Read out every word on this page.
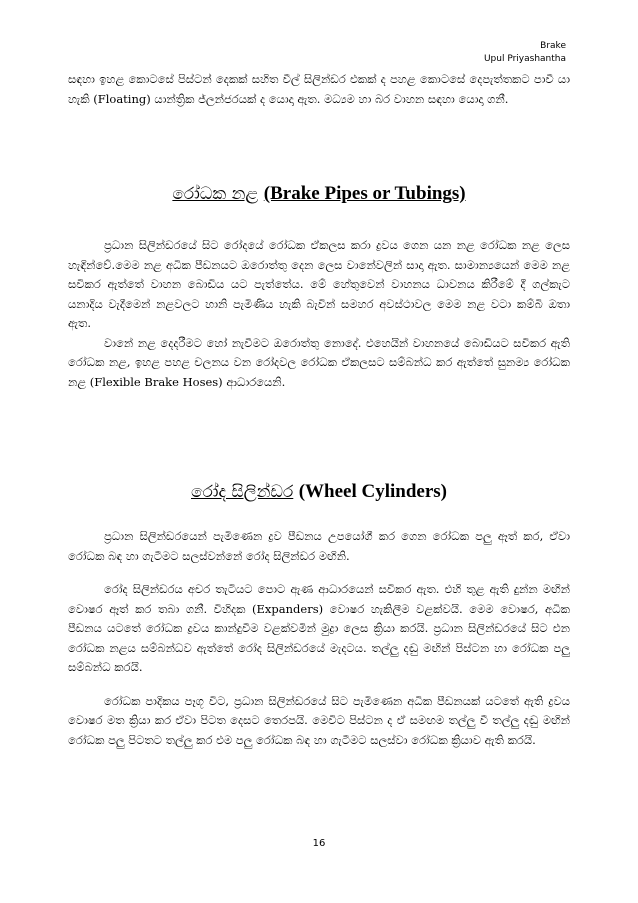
Brake
Upul Priyashantha

සඳහා ඉහළ කොටසේ පිස්ටන් දෙකක් සහිත වීල් සිලින්ඩර එකක් ද පහළ කොටසේ දෙපැත්තකට පාවී යා හැකි (Floating) යාන්ත්‍රික ජ්ලන්ජරයක් ද යොදා ඇත. මධ්‍යම හා බර වාහන සඳහා යොදා ගනී.

රෝධක නළ (Brake Pipes or Tubings)

ප්‍රධාන සිලින්ඩරයේ සිට රෝදයේ රෝධක ඒකලස කරා ද්‍රවය ගෙන යන නළ රෝධක නළ ලෙස හැඳින්වේ.මෙම නළ අධික පීඩනයට ඔරොත්තු දෙන ලෙස වානේවලින් සාදා ඇත. සාමාන්‍යයෙන් මෙම නළ සවිකර ඇත්තේ වාහන බොඩිය යට පැත්තේය. මේ හේතුවෙන් වාහනය ධාවනය කිරීමේ දී ගල්කැට යනාදිය වැදීමෙන් නළවලට හානි පැමිණිය හැකි බැවින් සමහර අවස්ථාවල මෙම නළ වටා කම්බි ඔතා ඇත.

වානේ නළ දෙදරීමට හෝ නැවීමට ඔරොත්තු නොදේ. එහෙයින් වාහනයේ බොඩියට සවිකර ඇති රෝධක නළ, ඉහළ පහළ චලනය වන රෝදවල රෝධක ඒකලසට සම්බන්ධ කර ඇත්තේ සුනම්‍ය රෝධක නළ (Flexible Brake Hoses) ආධාරයෙනි.

රෝද සිලින්ඩර (Wheel Cylinders)

ප්‍රධාන සිලින්ඩරයෙන් පැමිණෙන ද්‍රව පීඩනය උපයෝගී කර ගෙන රෝධක පලු ඈත් කර, ඒවා රෝධක බඳ හා ගැටීමට සලස්වන්නේ රෝද සිලින්ඩර මඟිනි.

රෝද සිලින්ඩරය අචර තැටියට පොට ඇණ ආධාරයෙන් සවිකර ඇත. එහි තුළ ඇති දුන්න මඟින් වොෂර ඈත් කර තබා ගනී. විහිදක (Expanders) වොෂර හැකිලීම වළක්වයි. මෙම වොෂර, අධික පීඩනය යටතේ රෝධක ද්‍රවය කාන්දුවීම වළක්වමින් මුද්‍රා ලෙස ක්‍රියා කරයි. ප්‍රධාන සිලින්ඩරයේ සිට එන රෝධක නළය සම්බන්ධව ඇත්තේ රෝද සිලින්ඩරයේ මැදටය. තල්ලු දඬු මඟින් පිස්ටන හා රෝධක පලු සම්බන්ධ කරයි.

රෝධක පාදිකය පෑගූ විට, ප්‍රධාන සිලින්ඩරයේ සිට පැමිණෙන අධික පීඩනයක් යටතේ ඇති ද්‍රවය වොෂර මත ක්‍රියා කර ඒවා පිටත දෙසට තෙරපයි. මෙවිට පිස්ටන ද ඒ සමඟම තල්ලු වී තල්ලු දඬු මඟින් රෝධක පලු පිටතට තල්ලු කර එම පලු රෝධක බඳ හා ගැටීමට සලස්වා රෝධක ක්‍රියාව ඇති කරයි.

16
